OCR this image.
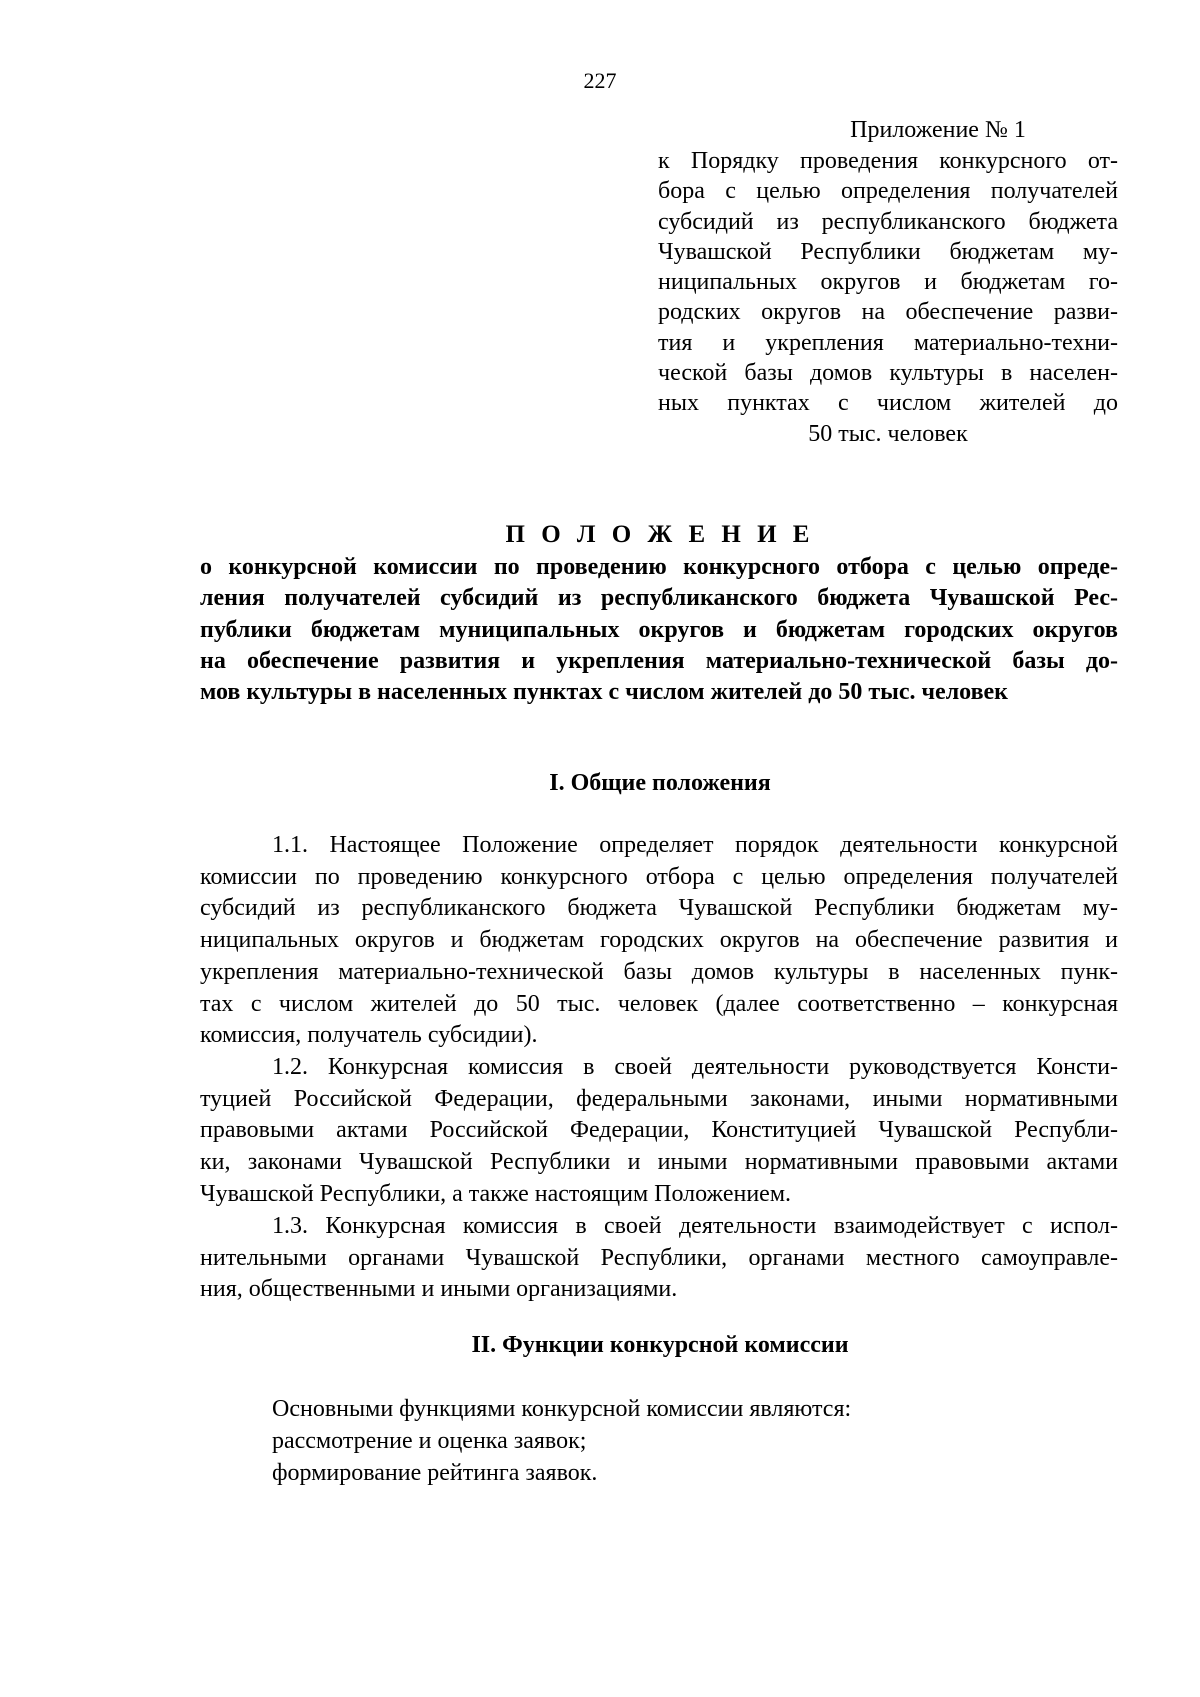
227
Приложение № 1
к Порядку проведения конкурсного от-
бора с целью определения получателей
субсидий из республиканского бюджета
Чувашской Республики бюджетам му-
ниципальных округов и бюджетам го-
родских округов на обеспечение разви-
тия и укрепления материально-техни-
ческой базы домов культуры в населен-
ных пунктах с числом жителей до
50 тыс. человек
П О Л О Ж Е Н И Е
о конкурсной комиссии по проведению конкурсного отбора с целью опреде-
ления получателей субсидий из республиканского бюджета Чувашской Рес-
публики бюджетам муниципальных округов и бюджетам городских округов
на обеспечение развития и укрепления материально-технической базы до-
мов культуры в населенных пунктах с числом жителей до 50 тыс. человек
I. Общие положения
1.1. Настоящее Положение определяет порядок деятельности конкурсной
комиссии по проведению конкурсного отбора с целью определения получателей
субсидий из республиканского бюджета Чувашской Республики бюджетам му-
ниципальных округов и бюджетам городских округов на обеспечение развития и
укрепления материально-технической базы домов культуры в населенных пунк-
тах с числом жителей до 50 тыс. человек (далее соответственно – конкурсная
комиссия, получатель субсидии).
1.2. Конкурсная комиссия в своей деятельности руководствуется Консти-
туцией Российской Федерации, федеральными законами, иными нормативными
правовыми актами Российской Федерации, Конституцией Чувашской Республи-
ки, законами Чувашской Республики и иными нормативными правовыми актами
Чувашской Республики, а также настоящим Положением.
1.3. Конкурсная комиссия в своей деятельности взаимодействует с испол-
нительными органами Чувашской Республики, органами местного самоуправле-
ния, общественными и иными организациями.
II. Функции конкурсной комиссии
Основными функциями конкурсной комиссии являются:
рассмотрение и оценка заявок;
формирование рейтинга заявок.
